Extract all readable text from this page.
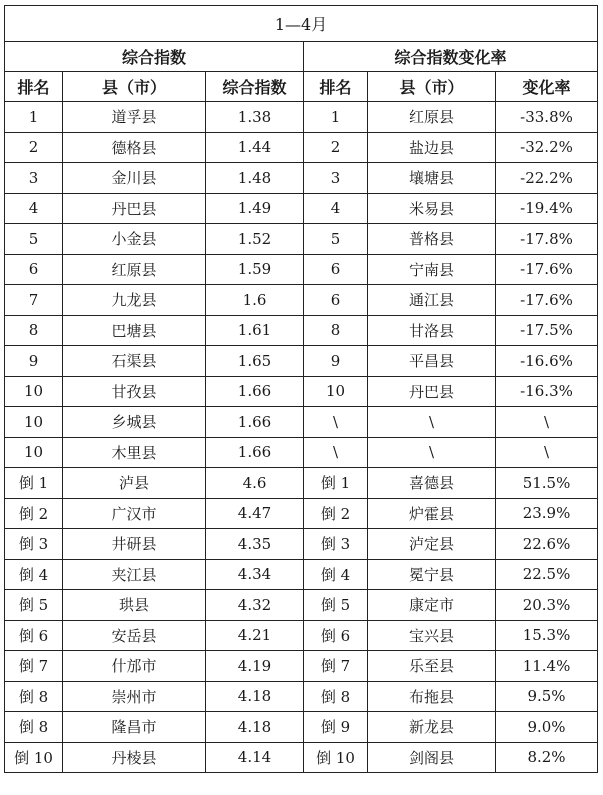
1—4月					
综合指数			综合指数变化率		
排名	县（市）	综合指数	排名	县（市）	变化率
1	道孚县	1.38	1	红原县	-33.8%
2	德格县	1.44	2	盐边县	-32.2%
3	金川县	1.48	3	壤塘县	-22.2%
4	丹巴县	1.49	4	米易县	-19.4%
5	小金县	1.52	5	普格县	-17.8%
6	红原县	1.59	6	宁南县	-17.6%
7	九龙县	1.6	6	通江县	-17.6%
8	巴塘县	1.61	8	甘洛县	-17.5%
9	石渠县	1.65	9	平昌县	-16.6%
10	甘孜县	1.66	10	丹巴县	-16.3%
10	乡城县	1.66	\	\	\
10	木里县	1.66	\	\	\
倒 1	泸县	4.6	倒 1	喜德县	51.5%
倒 2	广汉市	4.47	倒 2	炉霍县	23.9%
倒 3	井研县	4.35	倒 3	泸定县	22.6%
倒 4	夹江县	4.34	倒 4	冕宁县	22.5%
倒 5	珙县	4.32	倒 5	康定市	20.3%
倒 6	安岳县	4.21	倒 6	宝兴县	15.3%
倒 7	什邡市	4.19	倒 7	乐至县	11.4%
倒 8	崇州市	4.18	倒 8	布拖县	9.5%
倒 8	隆昌市	4.18	倒 9	新龙县	9.0%
倒 10	丹棱县	4.14	倒 10	剑阁县	8.2%
